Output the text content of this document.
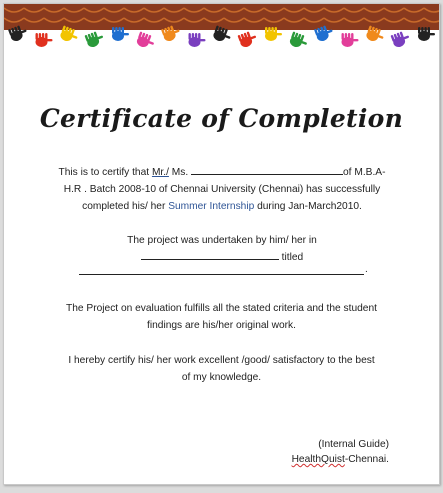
Certificate of Completion

This is to certify that Mr./ Ms.	of M.B.A-
H.R . Batch 2008-10 of Chennai University (Chennai) has successfully
completed his/ her Summer Internship during Jan-March2010.

The project was undertaken by him/ her in
titled

.

The Project on evaluation fulfills all the stated criteria and the student
findings are his/her original work.

I hereby certify his/ her work excellent /good/ satisfactory to the best
of my knowledge.

(Internal Guide)
HealthQuist-Chennai.
